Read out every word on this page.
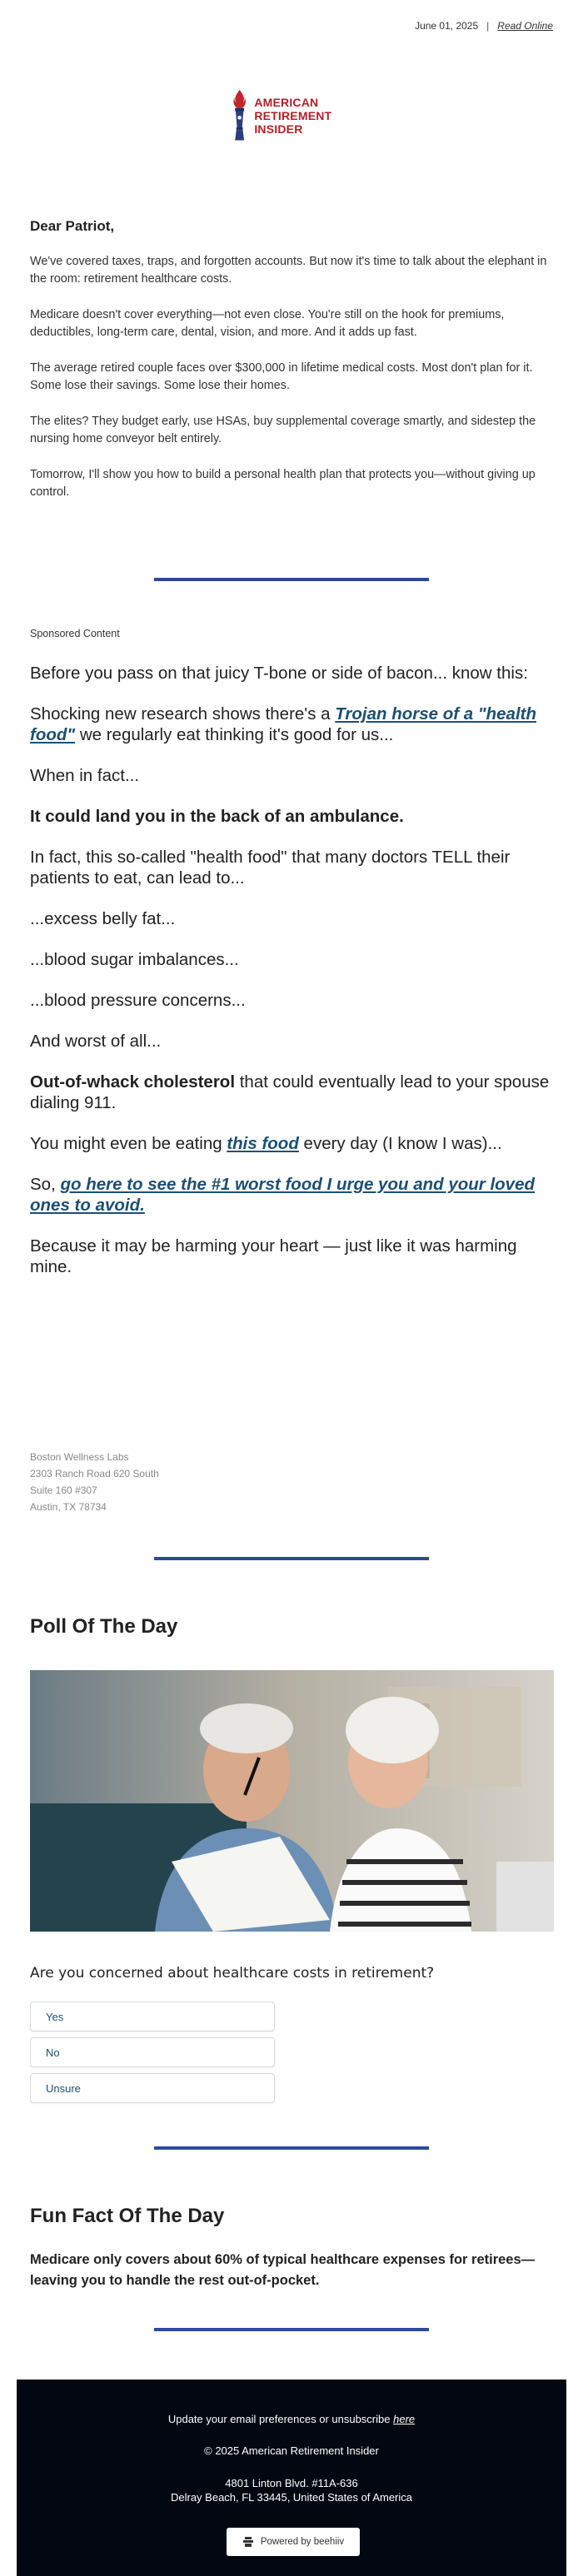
June 01, 2025 | Read Online
AMERICAN
RETIREMENT INSIDER
Dear Patriot,

We've covered taxes, traps, and forgotten accounts. But now it's time to talk about the elephant in the room: retirement healthcare costs.

Medicare doesn't cover everything—not even close. You're still on the hook for premiums, deductibles, long-term care, dental, vision, and more. And it adds up fast.

The average retired couple faces over $300,000 in lifetime medical costs. Most don't plan for it. Some lose their savings. Some lose their homes.

The elites? They budget early, use HSAs, buy supplemental coverage smartly, and sidestep the nursing home conveyor belt entirely.

Tomorrow, I'll show you how to build a personal health plan that protects you—without giving up control.

Sponsored Content

Before you pass on that juicy T-bone or side of bacon... know this:

Shocking new research shows there's a Trojan horse of a "health food" we regularly eat thinking it's good for us...

When in fact...

It could land you in the back of an ambulance.

In fact, this so-called "health food" that many doctors TELL their patients to eat, can lead to...

...excess belly fat...

...blood sugar imbalances...

...blood pressure concerns...

And worst of all...

Out-of-whack cholesterol that could eventually lead to your spouse dialing 911.

You might even be eating this food every day (I know I was)...

So, go here to see the #1 worst food I urge you and your loved ones to avoid.

Because it may be harming your heart — just like it was harming mine.

Boston Wellness Labs
2303 Ranch Road 620 South
Suite 160 #307
Austin, TX 78734
Poll Of The Day
Are you concerned about healthcare costs in retirement?
Yes
No
Unsure
Fun Fact Of The Day
Medicare only covers about 60% of typical healthcare expenses for retirees—leaving you to handle the rest out-of-pocket.
Update your email preferences or unsubscribe here
© 2025 American Retirement Insider
4801 Linton Blvd. #11A-636
Delray Beach, FL 33445, United States of America
Powered by beehiiv
